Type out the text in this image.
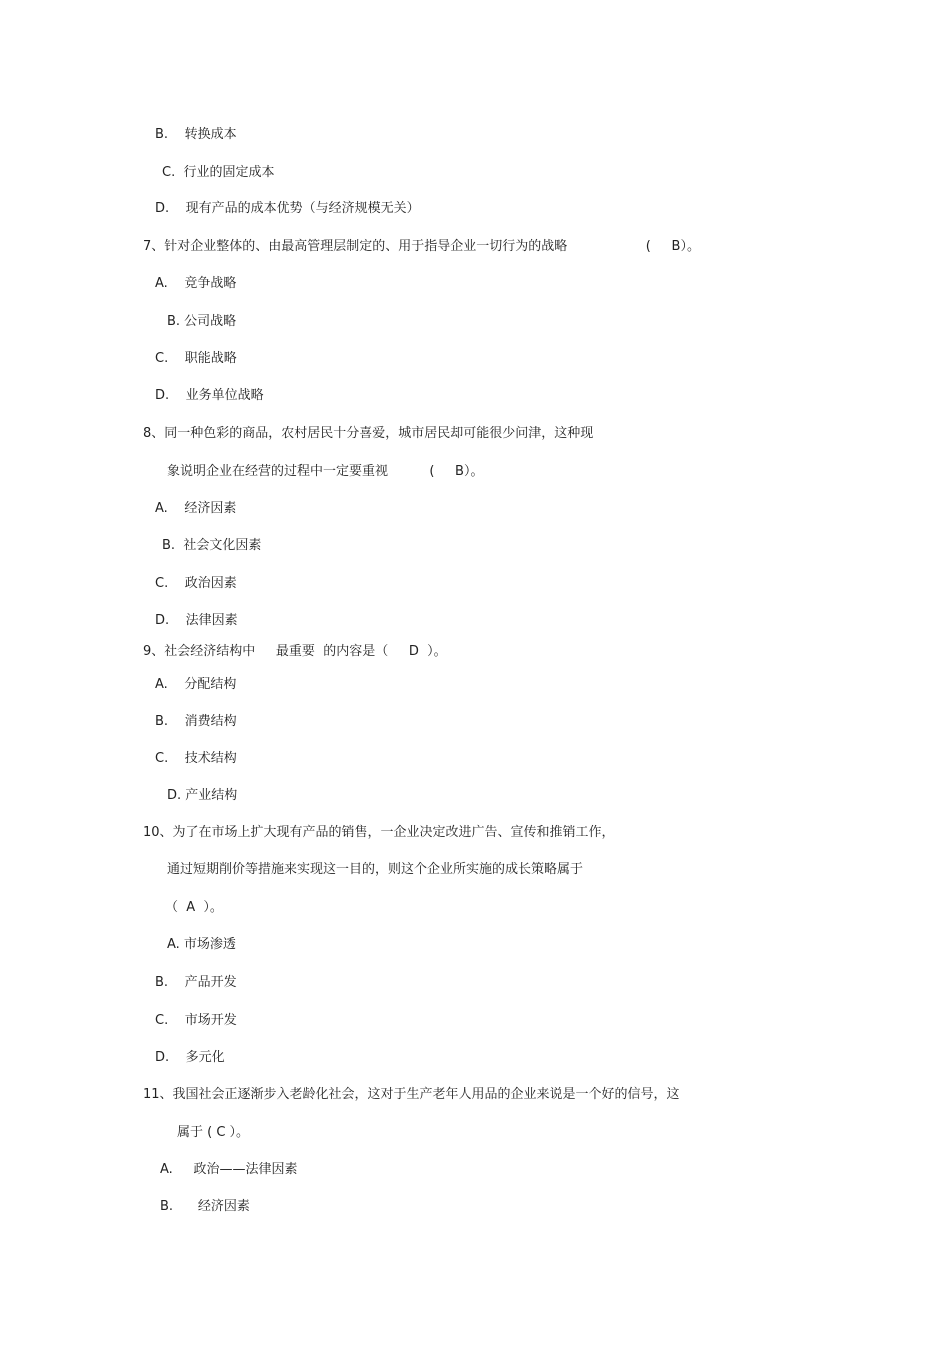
B.    转换成本
C.  行业的固定成本
D.    现有产品的成本优势（与经济规模无关）
7、针对企业整体的、由最高管理层制定的、用于指导企业一切行为的战略                   (     B）。
A.    竞争战略
B. 公司战略
C.    职能战略
D.    业务单位战略
8、同一种色彩的商品，农村居民十分喜爱，城市居民却可能很少问津，这种现
象说明企业在经营的过程中一定要重视          (     B）。
A.    经济因素
B.  社会文化因素
C.    政治因素
D.    法律因素
9、社会经济结构中     最重要  的内容是（     D  ）。
A.    分配结构
B.    消费结构
C.    技术结构
D. 产业结构
10、为了在市场上扩大现有产品的销售，一企业决定改进广告、宣传和推销工作，
通过短期削价等措施来实现这一目的，则这个企业所实施的成长策略属于
（  A  ）。
A. 市场渗透
B.    产品开发
C.    市场开发
D.    多元化
11、我国社会正逐渐步入老龄化社会，这对于生产老年人用品的企业来说是一个好的信号，这
属于 ( C ）。
A.     政治——法律因素
B.      经济因素
